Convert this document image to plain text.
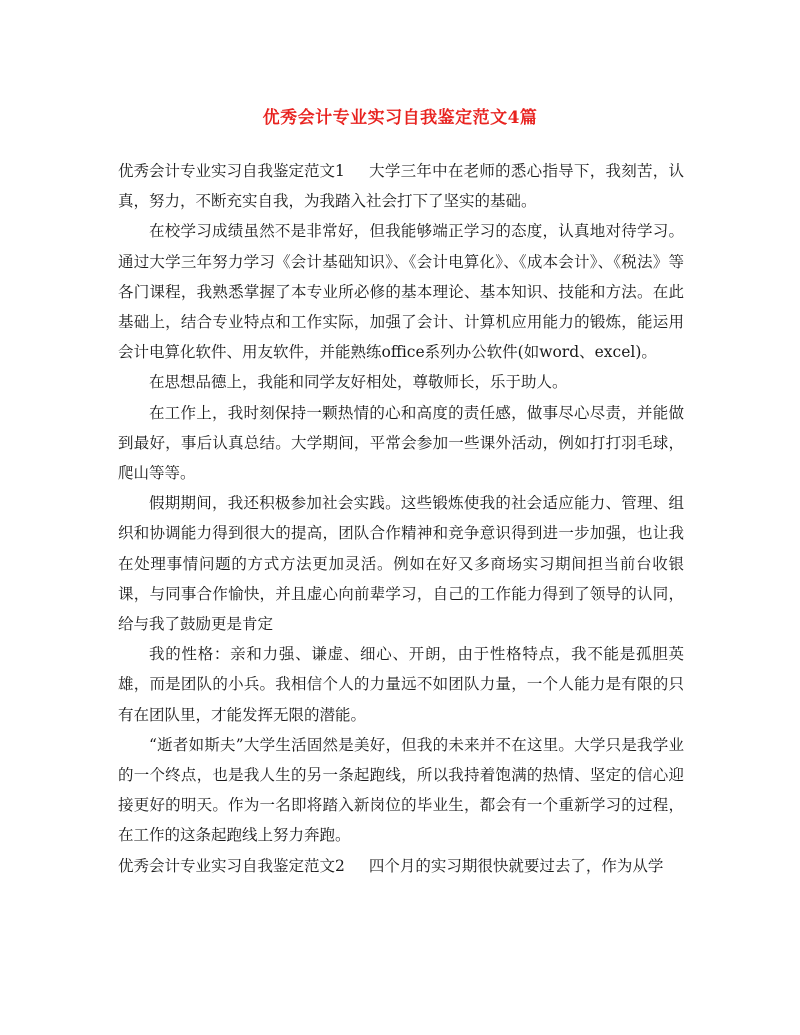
优秀会计专业实习自我鉴定范文4篇

优秀会计专业实习自我鉴定范文1 大学三年中在老师的悉心指导下，我刻苦，认真，努力，不断充实自我，为我踏入社会打下了坚实的基础。

在校学习成绩虽然不是非常好，但我能够端正学习的态度，认真地对待学习。通过大学三年努力学习《会计基础知识》、《会计电算化》、《成本会计》、《税法》等各门课程，我熟悉掌握了本专业所必修的基本理论、基本知识、技能和方法。在此基础上，结合专业特点和工作实际，加强了会计、计算机应用能力的锻炼，能运用会计电算化软件、用友软件，并能熟练office系列办公软件(如word、excel)。

在思想品德上，我能和同学友好相处，尊敬师长，乐于助人。

在工作上，我时刻保持一颗热情的心和高度的责任感，做事尽心尽责，并能做到最好，事后认真总结。大学期间，平常会参加一些课外活动，例如打打羽毛球，爬山等等。

假期期间，我还积极参加社会实践。这些锻炼使我的社会适应能力、管理、组织和协调能力得到很大的提高，团队合作精神和竞争意识得到进一步加强，也让我在处理事情问题的方式方法更加灵活。例如在好又多商场实习期间担当前台收银课，与同事合作愉快，并且虚心向前辈学习，自己的工作能力得到了领导的认同，给与我了鼓励更是肯定

我的性格：亲和力强、谦虚、细心、开朗，由于性格特点，我不能是孤胆英雄，而是团队的小兵。我相信个人的力量远不如团队力量，一个人能力是有限的只有在团队里，才能发挥无限的潜能。

“逝者如斯夫”大学生活固然是美好，但我的未来并不在这里。大学只是我学业的一个终点，也是我人生的另一条起跑线，所以我持着饱满的热情、坚定的信心迎接更好的明天。作为一名即将踏入新岗位的毕业生，都会有一个重新学习的过程，在工作的这条起跑线上努力奔跑。

优秀会计专业实习自我鉴定范文2 四个月的实习期很快就要过去了，作为从学
